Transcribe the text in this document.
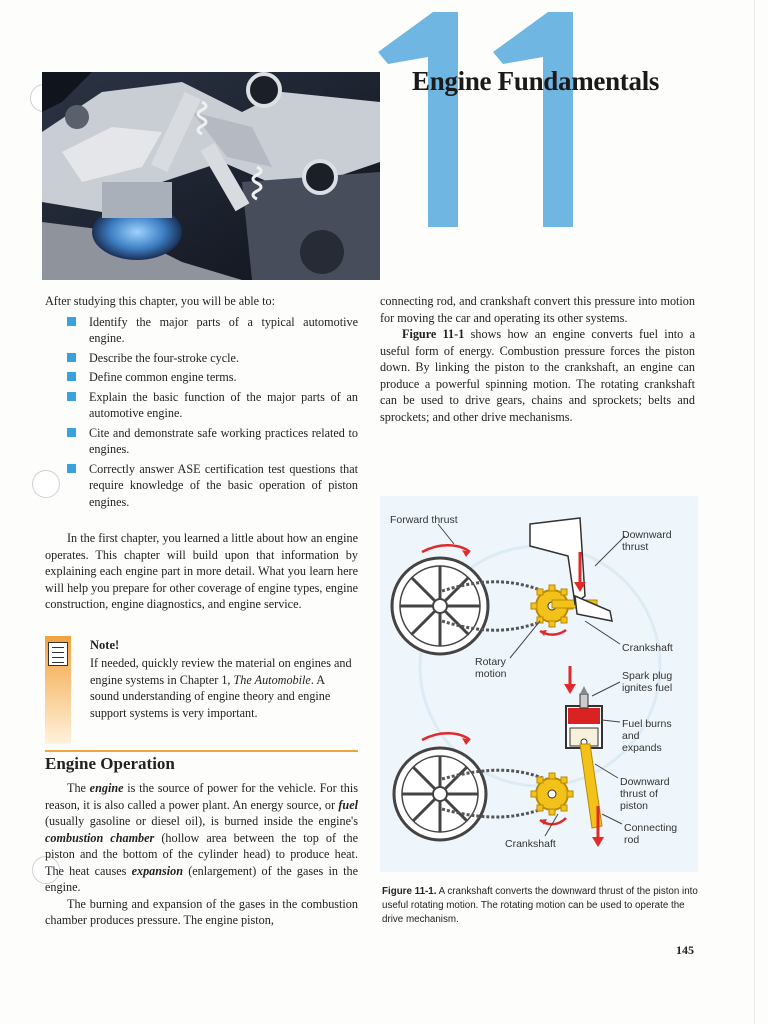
Engine Fundamentals

After studying this chapter, you will be able to:

Identify the major parts of a typical automotive engine.
Describe the four-stroke cycle.
Define common engine terms.
Explain the basic function of the major parts of an automotive engine.
Cite and demonstrate safe working practices related to engines.
Correctly answer ASE certification test questions that require knowledge of the basic operation of piston engines.

In the first chapter, you learned a little about how an engine operates. This chapter will build upon that information by explaining each engine part in more detail. What you learn here will help you prepare for other coverage of engine types, engine construction, engine diagnostics, and engine service.

Note!
If needed, quickly review the material on engines and engine systems in Chapter 1, The Automobile. A sound understanding of engine theory and engine support systems is very important.
Engine Operation

The engine is the source of power for the vehicle. For this reason, it is also called a power plant. An energy source, or fuel (usually gasoline or diesel oil), is burned inside the engine's combustion chamber (hollow area between the top of the piston and the bottom of the cylinder head) to produce heat. The heat causes expansion (enlargement) of the gases in the engine.

The burning and expansion of the gases in the combustion chamber produces pressure. The engine piston,

connecting rod, and crankshaft convert this pressure into motion for moving the car and operating its other systems.

Figure 11-1 shows how an engine converts fuel into a useful form of energy. Combustion pressure forces the piston down. By linking the piston to the crankshaft, an engine can produce a powerful spinning motion. The rotating crankshaft can be used to drive gears, chains and sprockets; belts and sprockets; and other drive mechanisms.

Forward thrust
Downward thrust
Crankshaft
Rotary motion	Spark plug ignites fuel
Fuel burns and expands
Downward thrust of piston
Connecting rod
Crankshaft
Figure 11-1. A crankshaft converts the downward thrust of the piston into useful rotating motion. The rotating motion can be used to operate the drive mechanism.
145
